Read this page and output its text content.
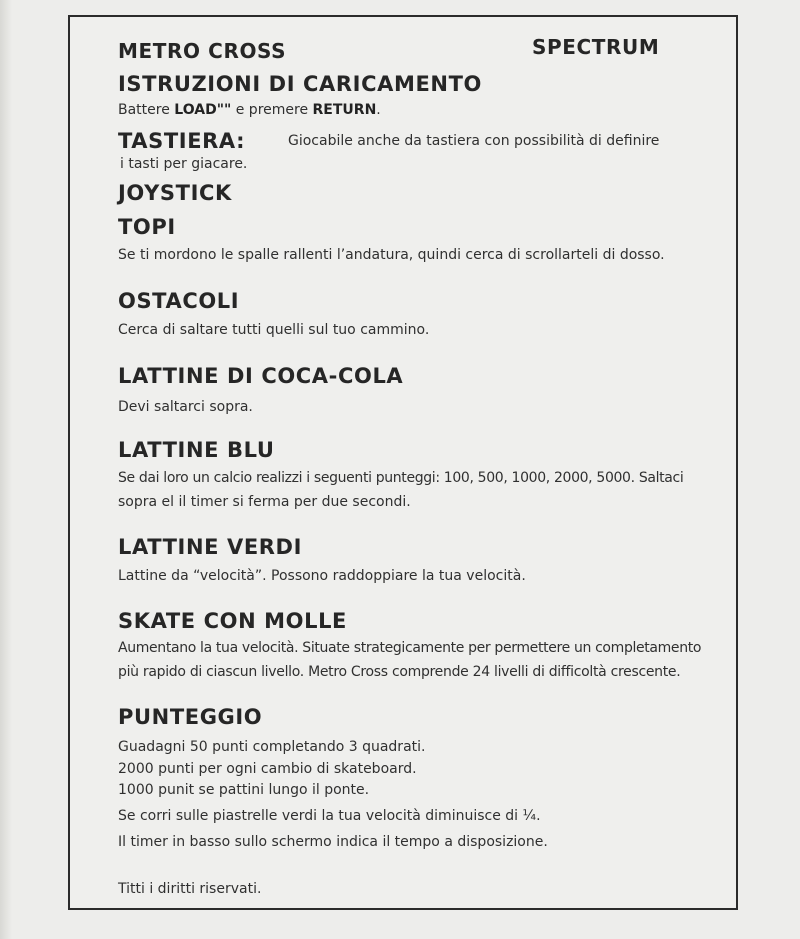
METRO CROSS	SPECTRUM
ISTRUZIONI DI CARICAMENTO
Battere LOAD"" e premere RETURN.
TASTIERA:	Giocabile anche da tastiera con possibilità di definire
i tasti per giacare.
JOYSTICK
TOPI
Se ti mordono le spalle rallenti l’andatura, quindi cerca di scrollarteli di dosso.
OSTACOLI
Cerca di saltare tutti quelli sul tuo cammino.
LATTINE DI COCA-COLA
Devi saltarci sopra.
LATTINE BLU
Se dai loro un calcio realizzi i seguenti punteggi: 100, 500, 1000, 2000, 5000. Saltaci
sopra el il timer si ferma per due secondi.
LATTINE VERDI
Lattine da “velocità”. Possono raddoppiare la tua velocità.
SKATE CON MOLLE
Aumentano la tua velocità. Situate strategicamente per permettere un completamento
più rapido di ciascun livello. Metro Cross comprende 24 livelli di difficoltà crescente.
PUNTEGGIO
Guadagni 50 punti completando 3 quadrati.
2000 punti per ogni cambio di skateboard.
1000 punit se pattini lungo il ponte.
Se corri sulle piastrelle verdi la tua velocità diminuisce di ¼.
Il timer in basso sullo schermo indica il tempo a disposizione.
Titti i diritti riservati.
